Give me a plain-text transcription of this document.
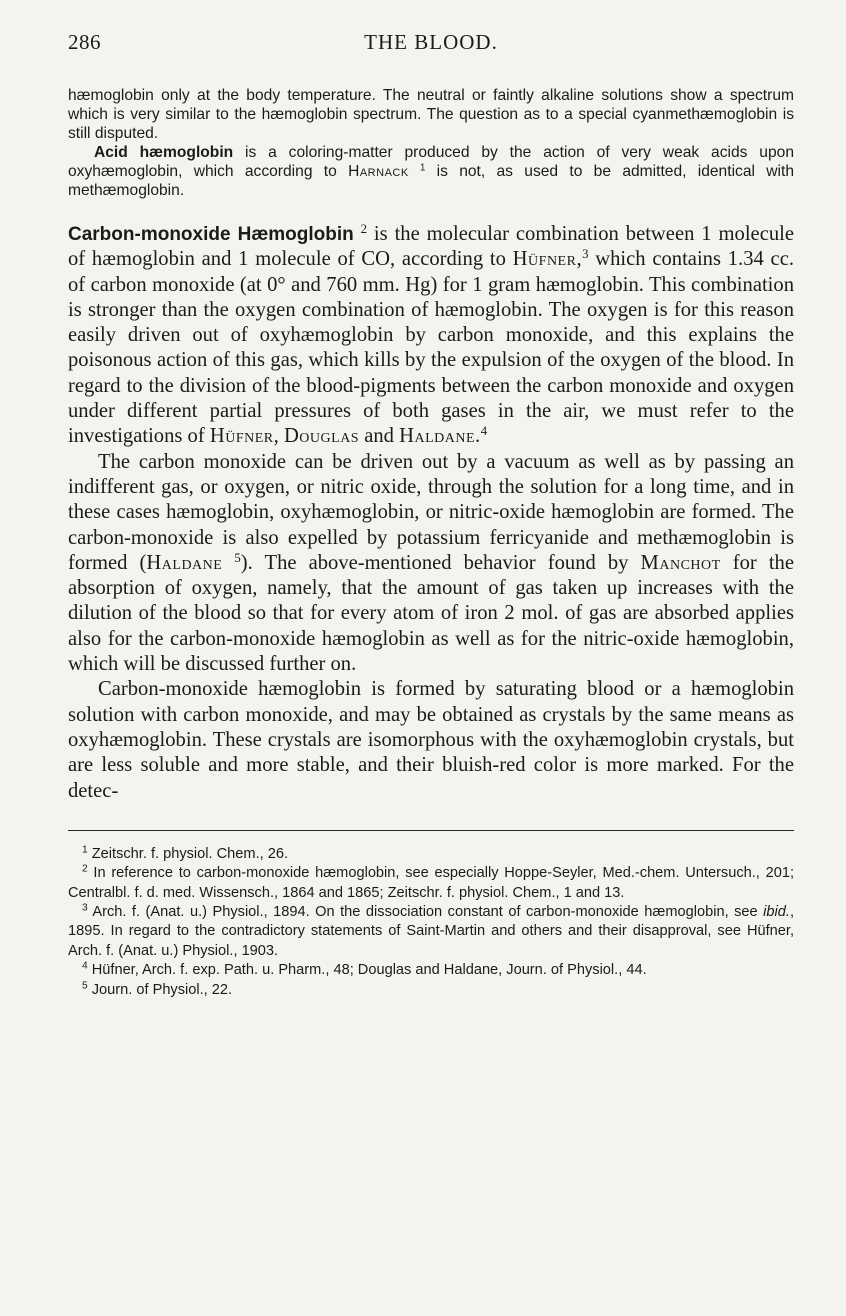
286	THE BLOOD.

hæmoglobin only at the body temperature. The neutral or faintly alkaline solutions show a spectrum which is very similar to the hæmoglobin spectrum. The question as to a special cyanmethæmoglobin is still disputed.

Acid hæmoglobin is a coloring-matter produced by the action of very weak acids upon oxyhæmoglobin, which according to Harnack $^1$ is not, as used to be admitted, identical with methæmoglobin.

Carbon-monoxide Hæmoglobin $^2$ is the molecular combination between 1 molecule of hæmoglobin and 1 molecule of CO, according to Hüfner,$^3$ which contains 1.34 cc. of carbon monoxide (at 0° and 760 mm. Hg) for 1 gram hæmoglobin. This combination is stronger than the oxygen combination of hæmoglobin. The oxygen is for this reason easily driven out of oxyhæmoglobin by carbon monoxide, and this explains the poisonous action of this gas, which kills by the expulsion of the oxygen of the blood. In regard to the division of the blood-pigments between the carbon monoxide and oxygen under different partial pressures of both gases in the air, we must refer to the investigations of Hüfner, Douglas and Haldane.$^4$

The carbon monoxide can be driven out by a vacuum as well as by passing an indifferent gas, or oxygen, or nitric oxide, through the solution for a long time, and in these cases hæmoglobin, oxyhæmoglobin, or nitric-oxide hæmoglobin are formed. The carbon-monoxide is also expelled by potassium ferricyanide and methæmoglobin is formed (Haldane $^5$). The above-mentioned behavior found by Manchot for the absorption of oxygen, namely, that the amount of gas taken up increases with the dilution of the blood so that for every atom of iron 2 mol. of gas are absorbed applies also for the carbon-monoxide hæmoglobin as well as for the nitric-oxide hæmoglobin, which will be discussed further on.

Carbon-monoxide hæmoglobin is formed by saturating blood or a hæmoglobin solution with carbon monoxide, and may be obtained as crystals by the same means as oxyhæmoglobin. These crystals are isomorphous with the oxyhæmoglobin crystals, but are less soluble and more stable, and their bluish-red color is more marked. For the detec-

$^1$ Zeitschr. f. physiol. Chem., 26.

$^2$ In reference to carbon-monoxide hæmoglobin, see especially Hoppe-Seyler, Med.-chem. Untersuch., 201; Centralbl. f. d. med. Wissensch., 1864 and 1865; Zeitschr. f. physiol. Chem., 1 and 13.

$^3$ Arch. f. (Anat. u.) Physiol., 1894. On the dissociation constant of carbon-monoxide hæmoglobin, see ibid., 1895. In regard to the contradictory statements of Saint-Martin and others and their disapproval, see Hüfner, Arch. f. (Anat. u.) Physiol., 1903.

$^4$ Hüfner, Arch. f. exp. Path. u. Pharm., 48; Douglas and Haldane, Journ. of Physiol., 44.

$^5$ Journ. of Physiol., 22.
